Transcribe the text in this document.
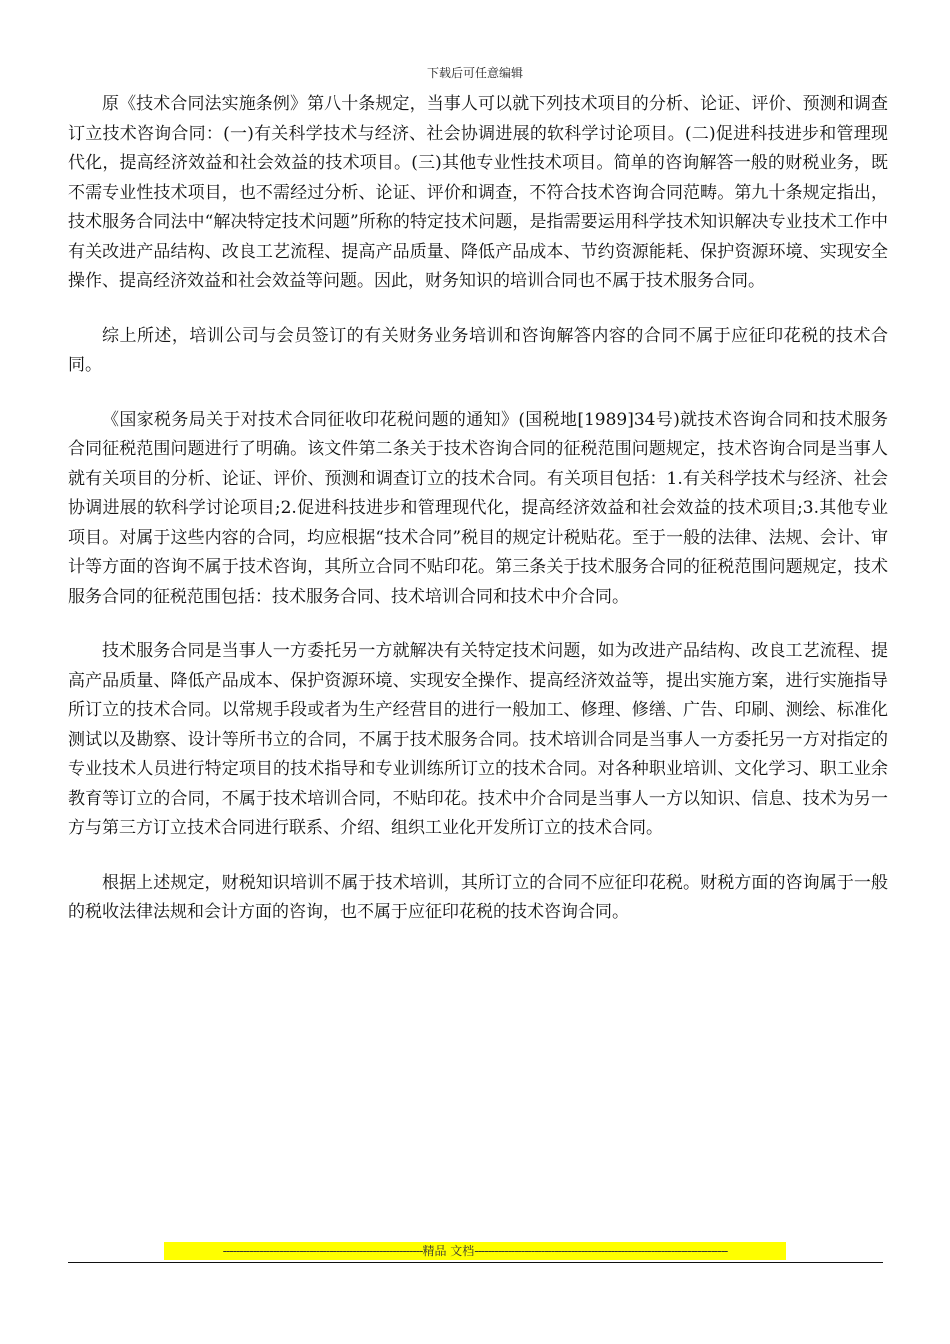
下载后可任意编辑

原《技术合同法实施条例》第八十条规定，当事人可以就下列技术项目的分析、论证、评价、预测和调查订立技术咨询合同：(一)有关科学技术与经济、社会协调进展的软科学讨论项目。(二)促进科技进步和管理现代化，提高经济效益和社会效益的技术项目。(三)其他专业性技术项目。简单的咨询解答一般的财税业务，既不需专业性技术项目，也不需经过分析、论证、评价和调查，不符合技术咨询合同范畴。第九十条规定指出，技术服务合同法中“解决特定技术问题”所称的特定技术问题，是指需要运用科学技术知识解决专业技术工作中有关改进产品结构、改良工艺流程、提高产品质量、降低产品成本、节约资源能耗、保护资源环境、实现安全操作、提高经济效益和社会效益等问题。因此，财务知识的培训合同也不属于技术服务合同。

综上所述，培训公司与会员签订的有关财务业务培训和咨询解答内容的合同不属于应征印花税的技术合同。

《国家税务局关于对技术合同征收印花税问题的通知》(国税地[1989]34号)就技术咨询合同和技术服务合同征税范围问题进行了明确。该文件第二条关于技术咨询合同的征税范围问题规定，技术咨询合同是当事人就有关项目的分析、论证、评价、预测和调查订立的技术合同。有关项目包括：1.有关科学技术与经济、社会协调进展的软科学讨论项目;2.促进科技进步和管理现代化，提高经济效益和社会效益的技术项目;3.其他专业项目。对属于这些内容的合同，均应根据“技术合同”税目的规定计税贴花。至于一般的法律、法规、会计、审计等方面的咨询不属于技术咨询，其所立合同不贴印花。第三条关于技术服务合同的征税范围问题规定，技术服务合同的征税范围包括：技术服务合同、技术培训合同和技术中介合同。

技术服务合同是当事人一方委托另一方就解决有关特定技术问题，如为改进产品结构、改良工艺流程、提高产品质量、降低产品成本、保护资源环境、实现安全操作、提高经济效益等，提出实施方案，进行实施指导所订立的技术合同。以常规手段或者为生产经营目的进行一般加工、修理、修缮、广告、印刷、测绘、标准化测试以及勘察、设计等所书立的合同，不属于技术服务合同。技术培训合同是当事人一方委托另一方对指定的专业技术人员进行特定项目的技术指导和专业训练所订立的技术合同。对各种职业培训、文化学习、职工业余教育等订立的合同，不属于技术培训合同，不贴印花。技术中介合同是当事人一方以知识、信息、技术为另一方与第三方订立技术合同进行联系、介绍、组织工业化开发所订立的技术合同。

根据上述规定，财税知识培训不属于技术培训，其所订立的合同不应征印花税。财税方面的咨询属于一般的税收法律法规和会计方面的咨询，也不属于应征印花税的技术咨询合同。

------------------------------------------------------------精品 文档----------------------------------------------------------------------------
